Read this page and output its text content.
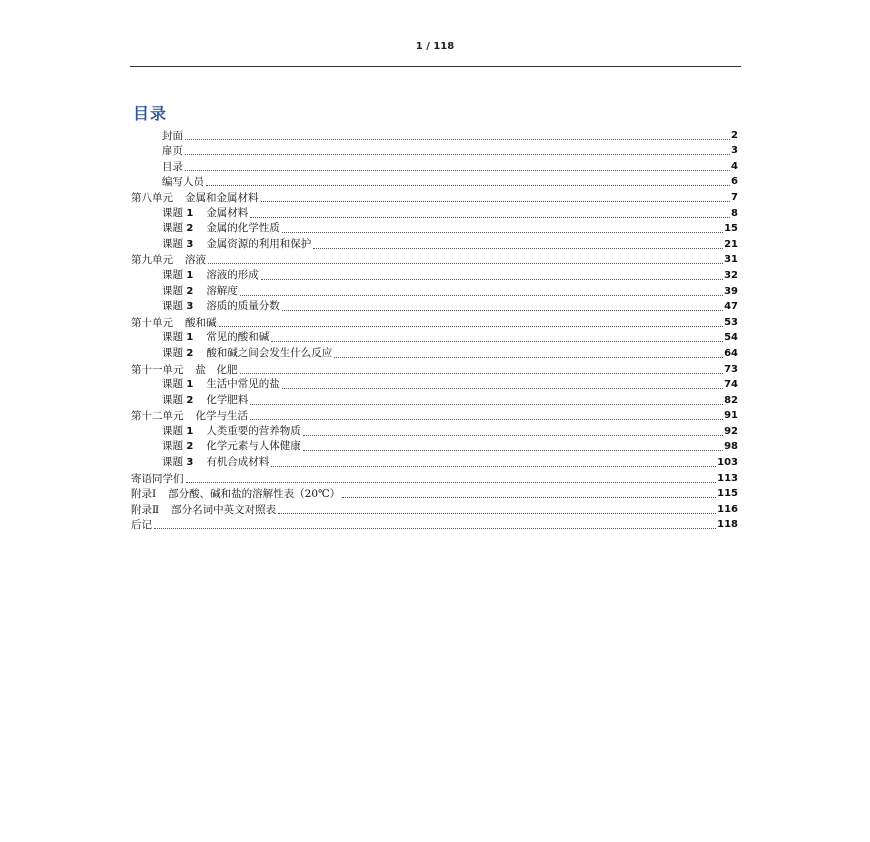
1 / 118
目录
封面	2
扉页	3
目录	4
编写人员	6
第八单元 金属和金属材料	7
课题 1 金属材料	8
课题 2 金属的化学性质	15
课题 3 金属资源的利用和保护	21
第九单元 溶液	31
课题 1 溶液的形成	32
课题 2 溶解度	39
课题 3 溶质的质量分数	47
第十单元 酸和碱	53
课题 1 常见的酸和碱	54
课题 2 酸和碱之间会发生什么反应	64
第十一单元 盐　化肥	73
课题 1 生活中常见的盐	74
课题 2 化学肥料	82
第十二单元 化学与生活	91
课题 1 人类重要的营养物质	92
课题 2 化学元素与人体健康	98
课题 3 有机合成材料	103
寄语同学们	113
附录Ⅰ 部分酸、碱和盐的溶解性表（20℃）	115
附录Ⅱ 部分名词中英文对照表	116
后记	118
